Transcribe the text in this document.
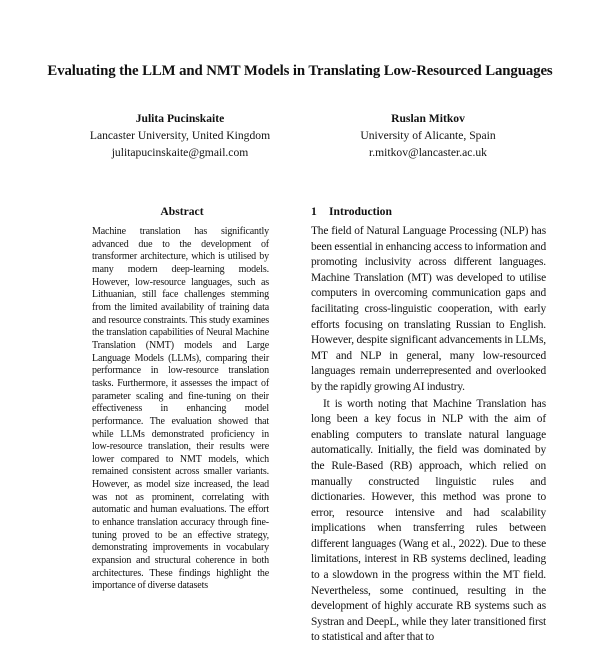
Evaluating the LLM and NMT Models in Translating Low-Resourced Languages
Julita Pucinskaite
Lancaster University, United Kingdom
julitapucinskaite@gmail.com
Ruslan Mitkov
University of Alicante, Spain
r.mitkov@lancaster.ac.uk
Abstract
Machine translation has significantly advanced due to the development of transformer architecture, which is utilised by many modern deep-learning models. However, low-resource languages, such as Lithuanian, still face challenges stemming from the limited availability of training data and resource constraints. This study examines the translation capabilities of Neural Machine Translation (NMT) models and Large Language Models (LLMs), comparing their performance in low-resource translation tasks. Furthermore, it assesses the impact of parameter scaling and fine-tuning on their effectiveness in enhancing model performance. The evaluation showed that while LLMs demonstrated proficiency in low-resource translation, their results were lower compared to NMT models, which remained consistent across smaller variants. However, as model size increased, the lead was not as prominent, correlating with automatic and human evaluations. The effort to enhance translation accuracy through fine-tuning proved to be an effective strategy, demonstrating improvements in vocabulary expansion and structural coherence in both architectures. These findings highlight the importance of diverse datasets
1 Introduction

The field of Natural Language Processing (NLP) has been essential in enhancing access to information and promoting inclusivity across different languages. Machine Translation (MT) was developed to utilise computers in overcoming communication gaps and facilitating cross-linguistic cooperation, with early efforts focusing on translating Russian to English. However, despite significant advancements in LLMs, MT and NLP in general, many low-resourced languages remain underrepresented and overlooked by the rapidly growing AI industry.

It is worth noting that Machine Translation has long been a key focus in NLP with the aim of enabling computers to translate natural language automatically. Initially, the field was dominated by the Rule-Based (RB) approach, which relied on manually constructed linguistic rules and dictionaries. However, this method was prone to error, resource intensive and had scalability implications when transferring rules between different languages (Wang et al., 2022). Due to these limitations, interest in RB systems declined, leading to a slowdown in the progress within the MT field. Nevertheless, some continued, resulting in the development of highly accurate RB systems such as Systran and DeepL, while they later transitioned first to statistical and after that to
